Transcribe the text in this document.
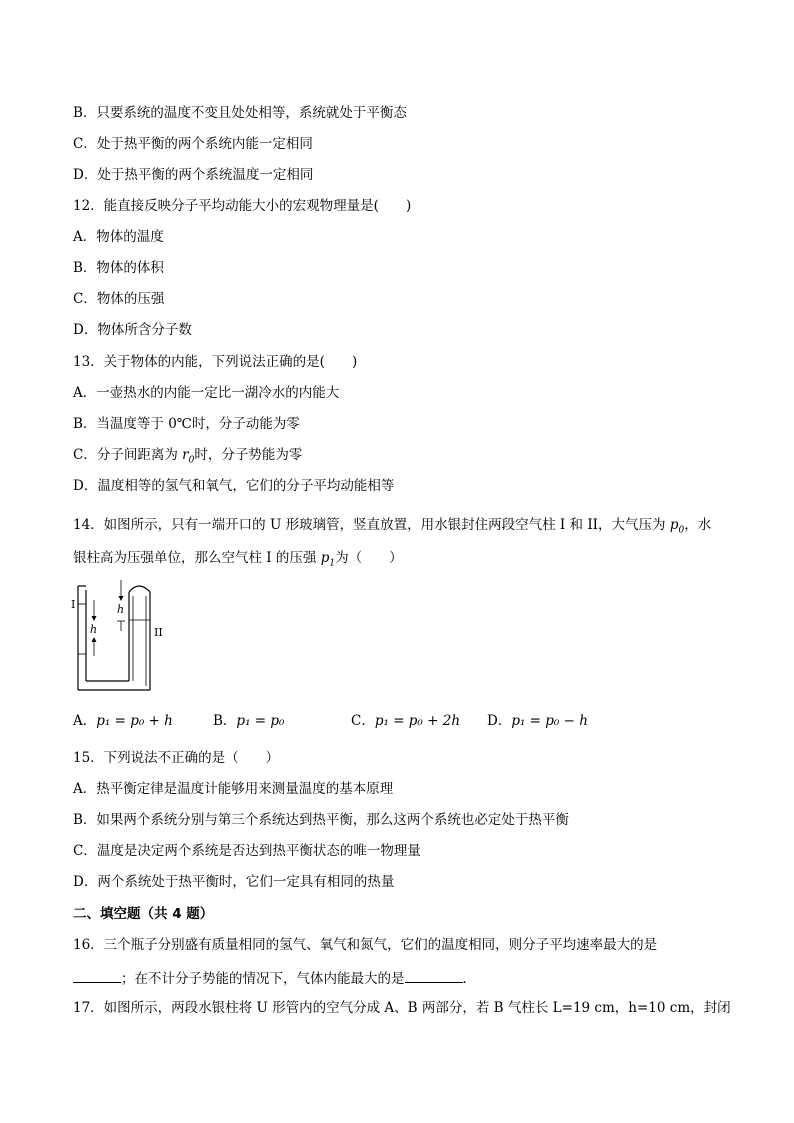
B．只要系统的温度不变且处处相等，系统就处于平衡态
C．处于热平衡的两个系统内能一定相同
D．处于热平衡的两个系统温度一定相同
12．能直接反映分子平均动能大小的宏观物理量是(　　)
A．物体的温度
B．物体的体积
C．物体的压强
D．物体所含分子数
13．关于物体的内能，下列说法正确的是(　　)
A．一壶热水的内能一定比一湖冷水的内能大
B．当温度等于 0℃时，分子动能为零
C．分子间距离为 $r_0$时，分子势能为零
D．温度相等的氢气和氧气，它们的分子平均动能相等
14．如图所示，只有一端开口的 U 形玻璃管，竖直放置，用水银封住两段空气柱 I 和 II，大气压为 $p_0$，水
银柱高为压强单位，那么空气柱 I 的压强 $p_1$为（　　）
I
II
h
h
A．p₁ = p₀ + h	B．p₁ = p₀	C．p₁ = p₀ + 2h D．p₁ = p₀ − h
15．下列说法不正确的是（　　）
A．热平衡定律是温度计能够用来测量温度的基本原理
B．如果两个系统分别与第三个系统达到热平衡，那么这两个系统也必定处于热平衡
C．温度是决定两个系统是否达到热平衡状态的唯一物理量
D．两个系统处于热平衡时，它们一定具有相同的热量
二、填空题（共 4 题）
16．三个瓶子分别盛有质量相同的氢气、氧气和氮气，它们的温度相同，则分子平均速率最大的是
；在不计分子势能的情况下，气体内能最大的是	．
17．如图所示，两段水银柱将 U 形管内的空气分成 A、B 两部分，若 B 气柱长 L=19 cm，h=10 cm，封闭
